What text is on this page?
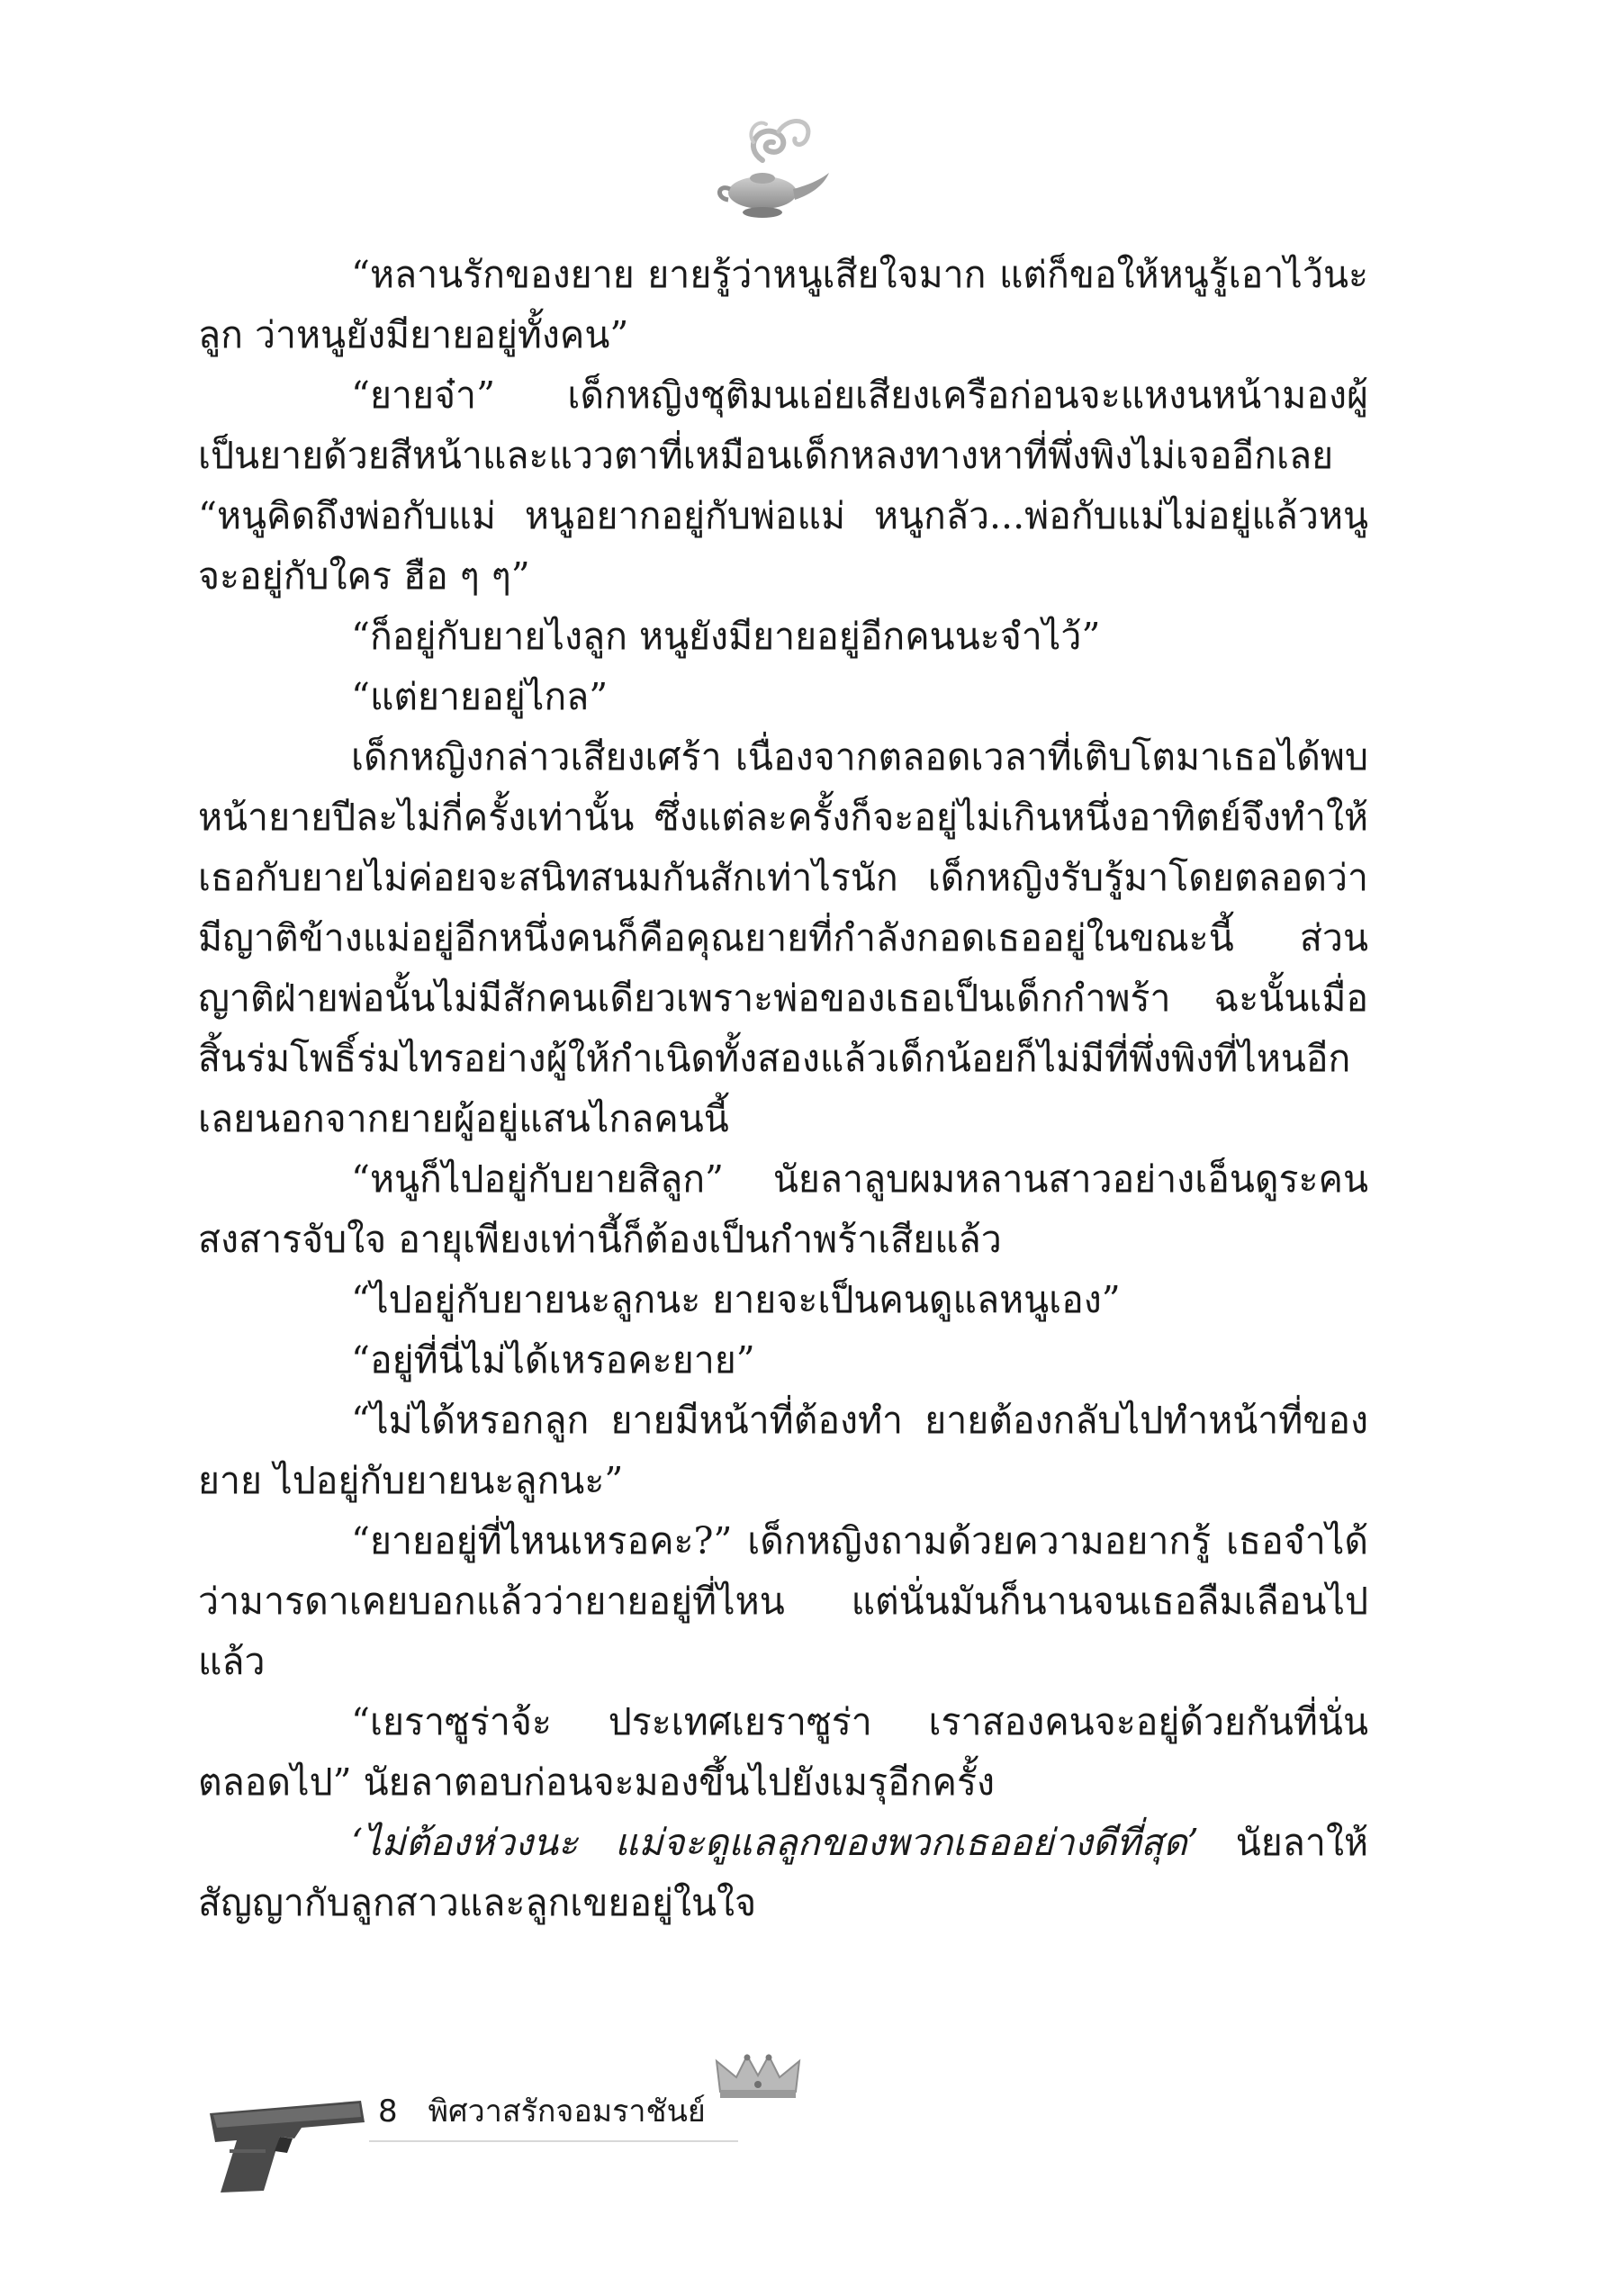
“หลานรักของยาย ยายรู้ว่าหนูเสียใจมาก แต่ก็ขอให้หนูรู้เอาไว้นะลูก ว่าหนูยังมียายอยู่ทั้งคน”

“ยายจ๋า” เด็กหญิงชุติมนเอ่ยเสียงเครือก่อนจะแหงนหน้ามองผู้เป็นยายด้วยสีหน้าและแววตาที่เหมือนเด็กหลงทางหาที่พึ่งพิงไม่เจออีกเลย “หนูคิดถึงพ่อกับแม่ หนูอยากอยู่กับพ่อแม่ หนูกลัว...พ่อกับแม่ไม่อยู่แล้วหนูจะอยู่กับใคร ฮือ ๆ ๆ”

“ก็อยู่กับยายไงลูก หนูยังมียายอยู่อีกคนนะจำไว้”

“แต่ยายอยู่ไกล”

เด็กหญิงกล่าวเสียงเศร้า เนื่องจากตลอดเวลาที่เติบโตมาเธอได้พบหน้ายายปีละไม่กี่ครั้งเท่านั้น ซึ่งแต่ละครั้งก็จะอยู่ไม่เกินหนึ่งอาทิตย์จึงทำให้เธอกับยายไม่ค่อยจะสนิทสนมกันสักเท่าไรนัก เด็กหญิงรับรู้มาโดยตลอดว่ามีญาติข้างแม่อยู่อีกหนึ่งคนก็คือคุณยายที่กำลังกอดเธออยู่ในขณะนี้ ส่วนญาติฝ่ายพ่อนั้นไม่มีสักคนเดียวเพราะพ่อของเธอเป็นเด็กกำพร้า ฉะนั้นเมื่อสิ้นร่มโพธิ์ร่มไทรอย่างผู้ให้กำเนิดทั้งสองแล้วเด็กน้อยก็ไม่มีที่พึ่งพิงที่ไหนอีกเลยนอกจากยายผู้อยู่แสนไกลคนนี้

“หนูก็ไปอยู่กับยายสิลูก” นัยลาลูบผมหลานสาวอย่างเอ็นดูระคนสงสารจับใจ อายุเพียงเท่านี้ก็ต้องเป็นกำพร้าเสียแล้ว

“ไปอยู่กับยายนะลูกนะ ยายจะเป็นคนดูแลหนูเอง”

“อยู่ที่นี่ไม่ได้เหรอคะยาย”

“ไม่ได้หรอกลูก ยายมีหน้าที่ต้องทำ ยายต้องกลับไปทำหน้าที่ของยาย ไปอยู่กับยายนะลูกนะ”

“ยายอยู่ที่ไหนเหรอคะ?” เด็กหญิงถามด้วยความอยากรู้ เธอจำได้ว่ามารดาเคยบอกแล้วว่ายายอยู่ที่ไหน แต่นั่นมันก็นานจนเธอลืมเลือนไปแล้ว

“เยราซูร่าจ้ะ ประเทศเยราซูร่า เราสองคนจะอยู่ด้วยกันที่นั่นตลอดไป” นัยลาตอบก่อนจะมองขึ้นไปยังเมรุอีกครั้ง

‘ไม่ต้องห่วงนะ แม่จะดูแลลูกของพวกเธออย่างดีที่สุด’ นัยลาให้สัญญากับลูกสาวและลูกเขยอยู่ในใจ

8 พิศวาสรักจอมราชันย์
